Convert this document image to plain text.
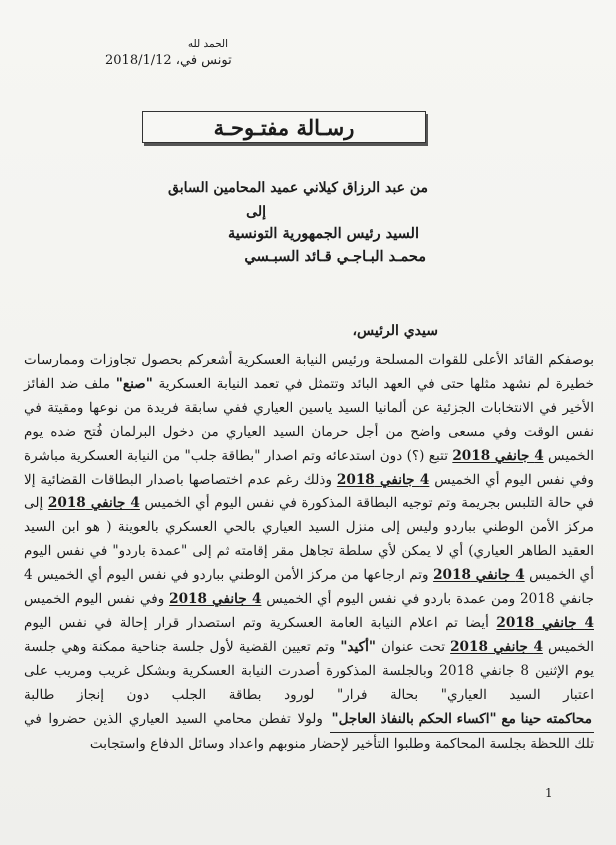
الحمد لله
تونس في، 2018/1/12
رسـالة مفتـوحـة
من عبد الرزاق كيلاني عميد المحامين السابق
إلى
السيد رئيس الجمهورية التونسية
محمـد البـاجـي قـائد السبـسي
سيدي الرئيس،

بوصفكم القائد الأعلى للقوات المسلحة ورئيس النيابة العسكرية أشعركم بحصول تجاوزات وممارسات خطيرة لم نشهد مثلها حتى في العهد البائد وتتمثل في تعمد النيابة العسكرية "صنع" ملف ضد الفائز الأخير في الانتخابات الجزئية عن ألمانيا السيد ياسين العياري ففي سابقة فريدة من نوعها ومقيتة في نفس الوقت وفي مسعى واضح من أجل حرمان السيد العياري من دخول البرلمان فُتح ضده يوم الخميس 4 جانفي 2018 تتبع (؟) دون استدعائه وتم اصدار "بطاقة جلب" من النيابة العسكرية مباشرة وفي نفس اليوم أي الخميس 4 جانفي 2018 وذلك رغم عدم اختصاصها باصدار البطاقات القضائية إلا في حالة التلبس بجريمة وتم توجيه البطاقة المذكورة في نفس اليوم أي الخميس 4 جانفي 2018 إلى مركز الأمن الوطني بباردو وليس إلى منزل السيد العياري بالحي العسكري بالعوينة ( هو ابن السيد العقيد الطاهر العياري) أي لا يمكن لأي سلطة تجاهل مقر إقامته ثم إلى "عمدة باردو" في نفس اليوم أي الخميس 4 جانفي 2018 وتم ارجاعها من مركز الأمن الوطني بباردو في نفس اليوم أي الخميس 4 جانفي 2018 ومن عمدة باردو في نفس اليوم أي الخميس 4 جانفي 2018 وفي نفس اليوم الخميس 4 جانفي 2018 أيضا تم اعلام النيابة العامة العسكرية وتم استصدار قرار إحالة في نفس اليوم الخميس 4 جانفي 2018 تحت عنوان "أكيد" وتم تعيين القضية لأول جلسة جناحية ممكنة وهي جلسة يوم الإثنين 8 جانفي 2018 وبالجلسة المذكورة أصدرت النيابة العسكرية وبشكل غريب ومريب على اعتبار السيد العياري" بحالة فرار" لورود بطاقة الجلب دون إنجاز طالبة محاكمته حينا مع "اكساء الحكم بالنفاذ العاجل" ولولا تفطن محامي السيد العياري الذين حضروا في تلك اللحظة بجلسة المحاكمة وطلبوا التأخير لإحضار منوبهم واعداد وسائل الدفاع واستجابت

1
